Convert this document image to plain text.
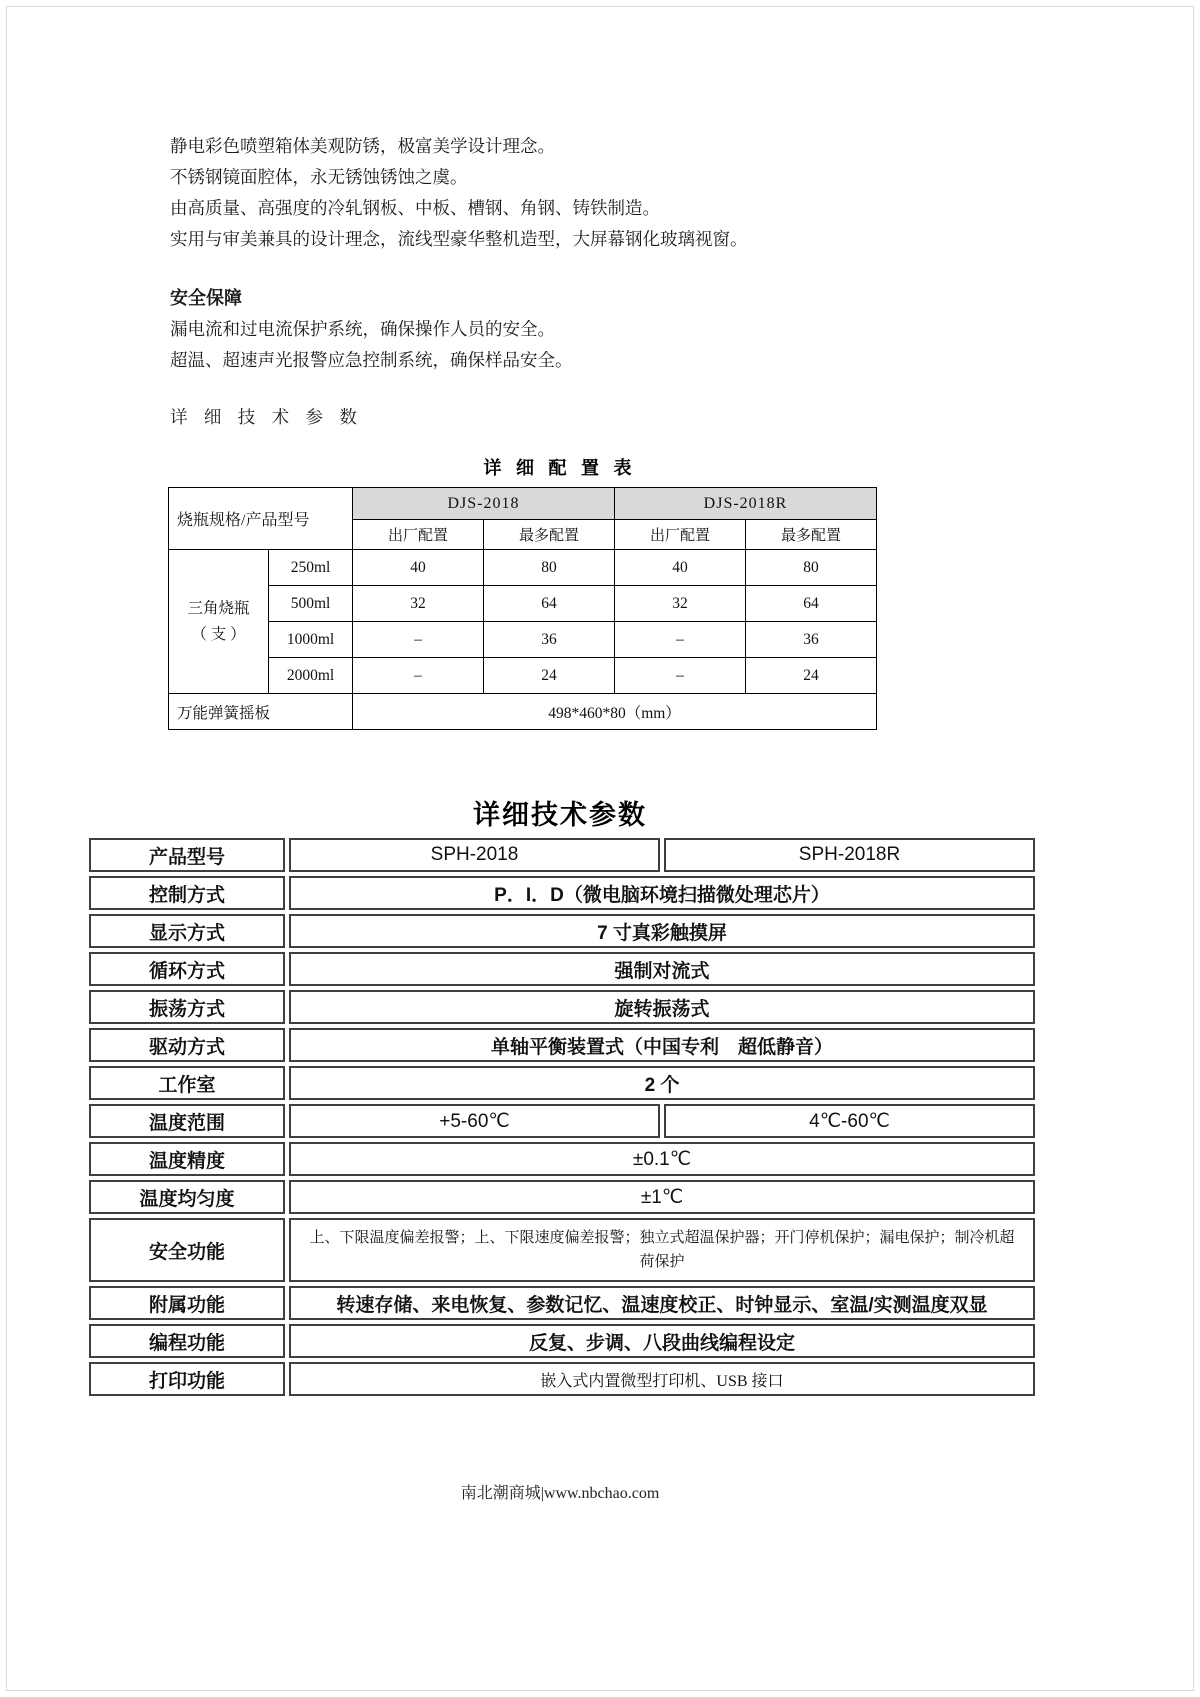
静电彩色喷塑箱体美观防锈，极富美学设计理念。
不锈钢镜面腔体，永无锈蚀锈蚀之虞。
由高质量、高强度的冷轧钢板、中板、槽钢、角钢、铸铁制造。
实用与审美兼具的设计理念，流线型豪华整机造型，大屏幕钢化玻璃视窗。
安全保障
漏电流和过电流保护系统，确保操作人员的安全。
超温、超速声光报警应急控制系统，确保样品安全。
详 细 技 术 参 数
详 细 配 置 表
烧瓶规格/产品型号		DJS-2018		DJS-2018R	
		出厂配置	最多配置	出厂配置	最多配置

三角烧瓶
（ 支 ）	250ml	40	80	40	80
	500ml	32	64	32	64
	1000ml	–	36	–	36
	2000ml	–	24	–	24
万能弹簧摇板		498*460*80（mm）			
详细技术参数
产品型号	SPH-2018	SPH-2018R
控制方式	P．I．D（微电脑环境扫描微处理芯片）	
显示方式	7 寸真彩触摸屏	
循环方式	强制对流式	
振荡方式	旋转振荡式	
驱动方式	单轴平衡装置式（中国专利　超低静音）	
工作室	2 个	
温度范围	+5-60℃	4℃-60℃
温度精度	±0.1℃	
温度均匀度	±1℃	
安全功能	上、下限温度偏差报警；上、下限速度偏差报警；独立式超温保护器；开门停机保护；漏电保护；制冷机超荷保护	
附属功能	转速存储、来电恢复、参数记忆、温速度校正、时钟显示、室温/实测温度双显	
编程功能	反复、步调、八段曲线编程设定	
打印功能	嵌入式内置微型打印机、USB 接口	
南北潮商城|www.nbchao.com
